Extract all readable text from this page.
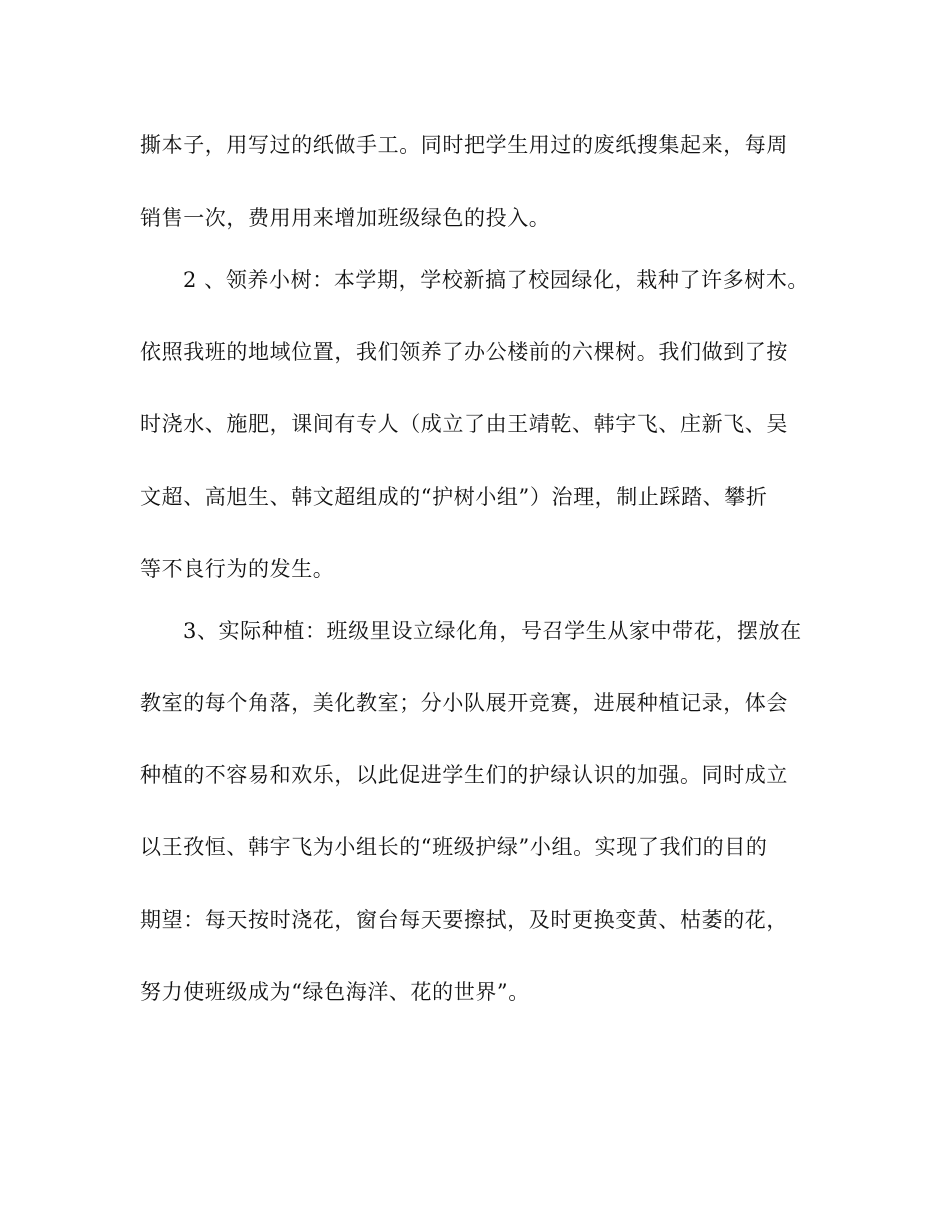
撕本子，用写过的纸做手工。同时把学生用过的废纸搜集起来，每周
销售一次，费用用来增加班级绿色的投入。
2 、领养小树：本学期，学校新搞了校园绿化，栽种了许多树木。
依照我班的地域位置，我们领养了办公楼前的六棵树。我们做到了按
时浇水、施肥，课间有专人（成立了由王靖乾、韩宇飞、庄新飞、吴
文超、高旭生、韩文超组成的“护树小组”）治理，制止踩踏、攀折
等不良行为的发生。
3、实际种植：班级里设立绿化角，号召学生从家中带花，摆放在
教室的每个角落，美化教室；分小队展开竞赛，进展种植记录，体会
种植的不容易和欢乐，以此促进学生们的护绿认识的加强。同时成立
以王孜恒、韩宇飞为小组长的“班级护绿”小组。实现了我们的目的
期望：每天按时浇花，窗台每天要擦拭，及时更换变黄、枯萎的花，
努力使班级成为“绿色海洋、花的世界”。
